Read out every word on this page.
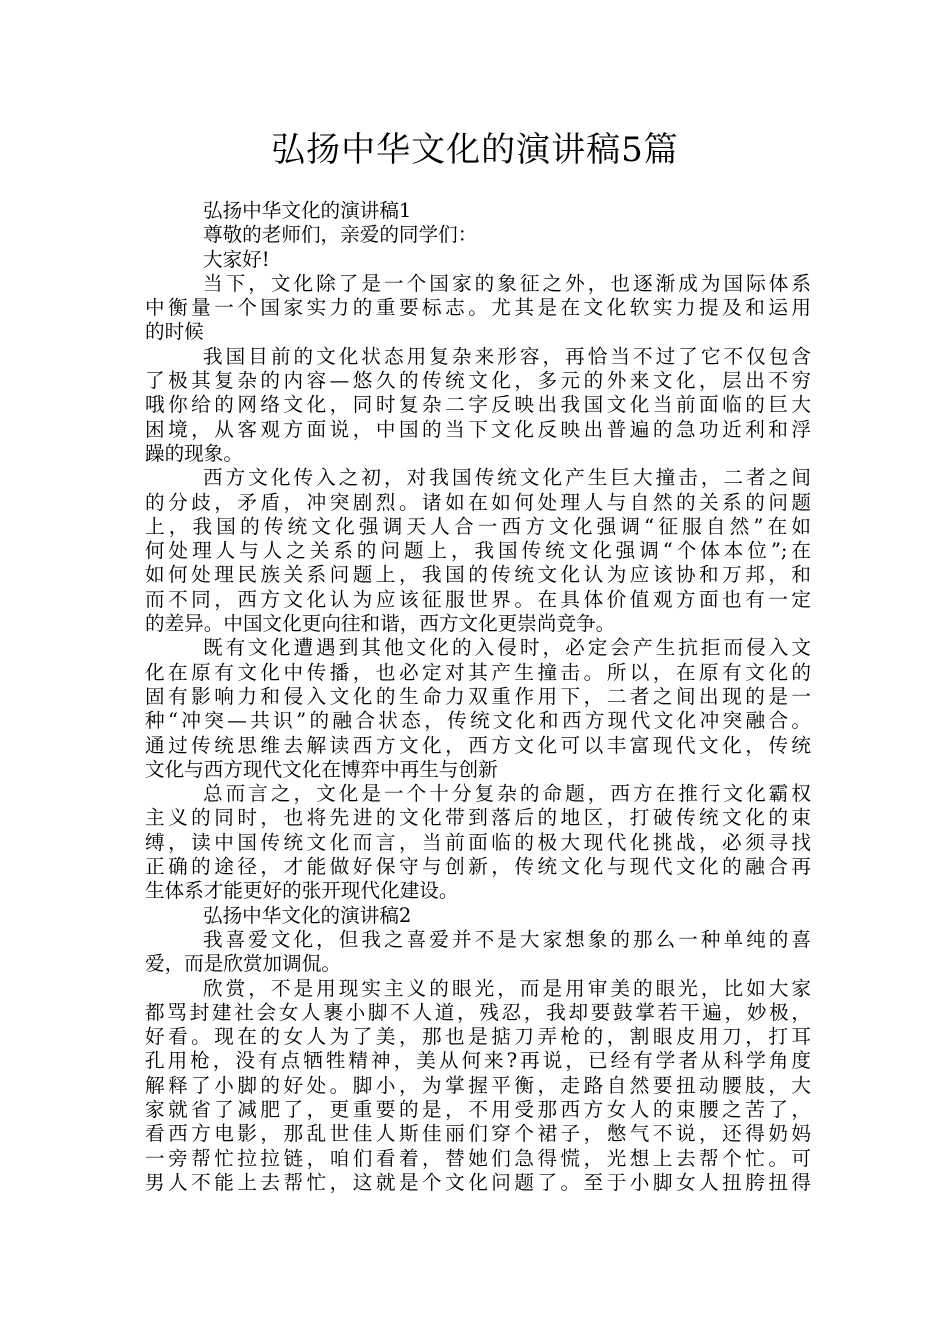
弘扬中华文化的演讲稿5篇
弘扬中华文化的演讲稿1
尊敬的老师们，亲爱的同学们：
大家好!
当下，文化除了是一个国家的象征之外，也逐渐成为国际体系
中衡量一个国家实力的重要标志。尤其是在文化软实力提及和运用
的时候
我国目前的文化状态用复杂来形容，再恰当不过了它不仅包含
了极其复杂的内容—悠久的传统文化，多元的外来文化，层出不穷
哦你给的网络文化，同时复杂二字反映出我国文化当前面临的巨大
困境，从客观方面说，中国的当下文化反映出普遍的急功近利和浮
躁的现象。
西方文化传入之初，对我国传统文化产生巨大撞击，二者之间
的分歧，矛盾，冲突剧烈。诸如在如何处理人与自然的关系的问题
上，我国的传统文化强调天人合一西方文化强调“征服自然”在如
何处理人与人之关系的问题上，我国传统文化强调“个体本位”;在
如何处理民族关系问题上，我国的传统文化认为应该协和万邦，和
而不同，西方文化认为应该征服世界。在具体价值观方面也有一定
的差异。中国文化更向往和谐，西方文化更崇尚竞争。
既有文化遭遇到其他文化的入侵时，必定会产生抗拒而侵入文
化在原有文化中传播，也必定对其产生撞击。所以，在原有文化的
固有影响力和侵入文化的生命力双重作用下，二者之间出现的是一
种“冲突—共识”的融合状态，传统文化和西方现代文化冲突融合。
通过传统思维去解读西方文化，西方文化可以丰富现代文化，传统
文化与西方现代文化在博弈中再生与创新
总而言之，文化是一个十分复杂的命题，西方在推行文化霸权
主义的同时，也将先进的文化带到落后的地区，打破传统文化的束
缚，读中国传统文化而言，当前面临的极大现代化挑战，必须寻找
正确的途径，才能做好保守与创新，传统文化与现代文化的融合再
生体系才能更好的张开现代化建设。
弘扬中华文化的演讲稿2
我喜爱文化，但我之喜爱并不是大家想象的那么一种单纯的喜
爱，而是欣赏加调侃。
欣赏，不是用现实主义的眼光，而是用审美的眼光，比如大家
都骂封建社会女人裹小脚不人道，残忍，我却要鼓掌若干遍，妙极，
好看。现在的女人为了美，那也是掂刀弄枪的，割眼皮用刀，打耳
孔用枪，没有点牺牲精神，美从何来?再说，已经有学者从科学角度
解释了小脚的好处。脚小，为掌握平衡，走路自然要扭动腰肢，大
家就省了减肥了，更重要的是，不用受那西方女人的束腰之苦了，
看西方电影，那乱世佳人斯佳丽们穿个裙子，憋气不说，还得奶妈
一旁帮忙拉拉链，咱们看着，替她们急得慌，光想上去帮个忙。可
男人不能上去帮忙，这就是个文化问题了。至于小脚女人扭胯扭得
